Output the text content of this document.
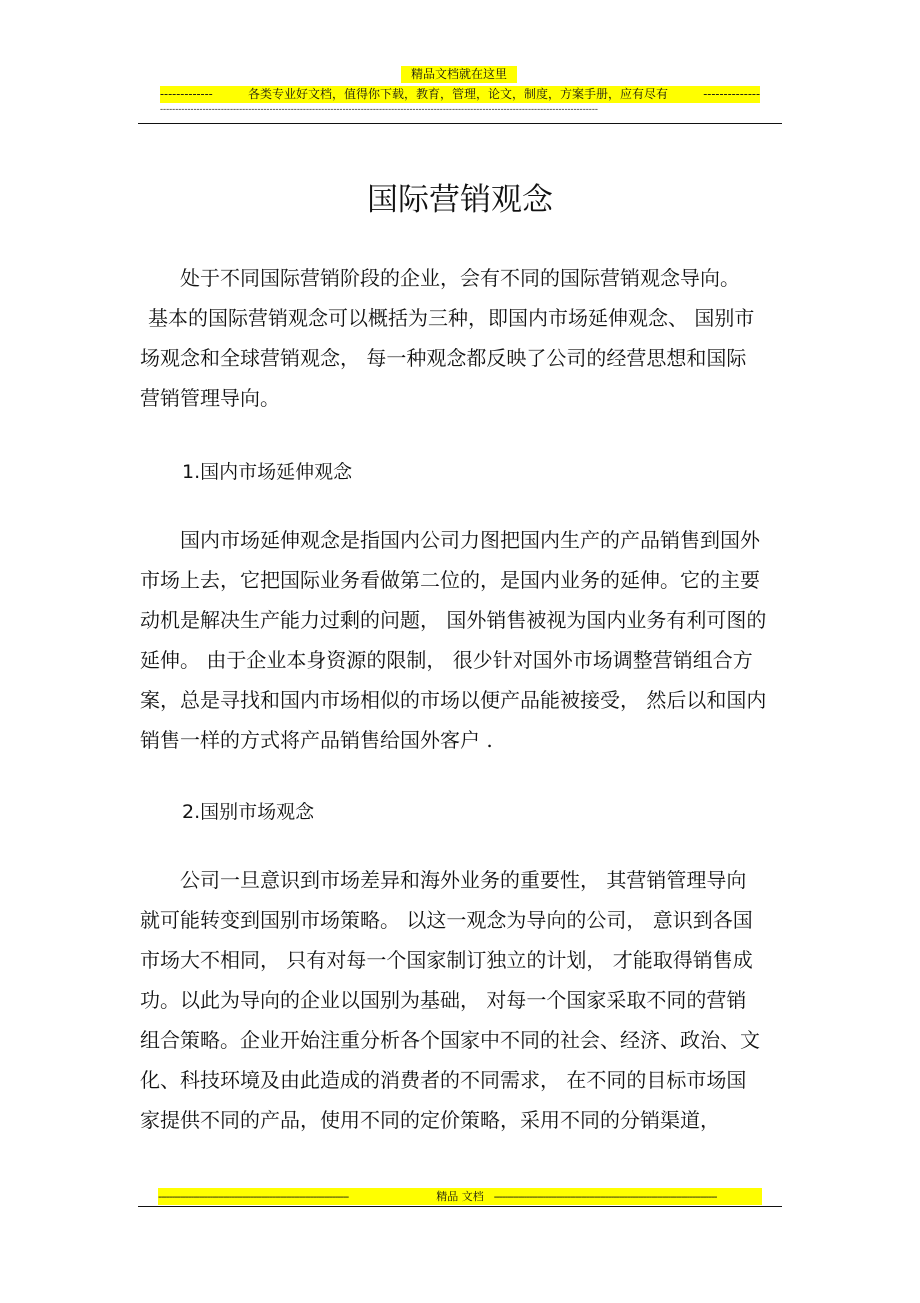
精品文档就在这里
-------------	各类专业好文档，值得你下载，教育，管理，论文，制度，方案手册，应有尽有	--------------
------------------------------------------------------------------------------------------------------------------------------------------------
国际营销观念
处于不同国际营销阶段的企业，会有不同的国际营销观念导向。
基本的国际营销观念可以概括为三种，即国内市场延伸观念、 国别市
场观念和全球营销观念， 每一种观念都反映了公司的经营思想和国际
营销管理导向。
1.国内市场延伸观念
国内市场延伸观念是指国内公司力图把国内生产的产品销售到国外
市场上去，它把国际业务看做第二位的，是国内业务的延伸。它的主要
动机是解决生产能力过剩的问题， 国外销售被视为国内业务有利可图的
延伸。 由于企业本身资源的限制， 很少针对国外市场调整营销组合方
案，总是寻找和国内市场相似的市场以便产品能被接受， 然后以和国内
销售一样的方式将产品销售给国外客户 .
2.国别市场观念
公司一旦意识到市场差异和海外业务的重要性， 其营销管理导向
就可能转变到国别市场策略。 以这一观念为导向的公司， 意识到各国
市场大不相同， 只有对每一个国家制订独立的计划， 才能取得销售成
功。以此为导向的企业以国别为基础， 对每一个国家采取不同的营销
组合策略。企业开始注重分析各个国家中不同的社会、经济、政治、文
化、科技环境及由此造成的消费者的不同需求， 在不同的目标市场国
家提供不同的产品，使用不同的定价策略，采用不同的分销渠道，
----------------------------------------------------------------------	精品 文档 ----------------------------------------------------------------------------------
